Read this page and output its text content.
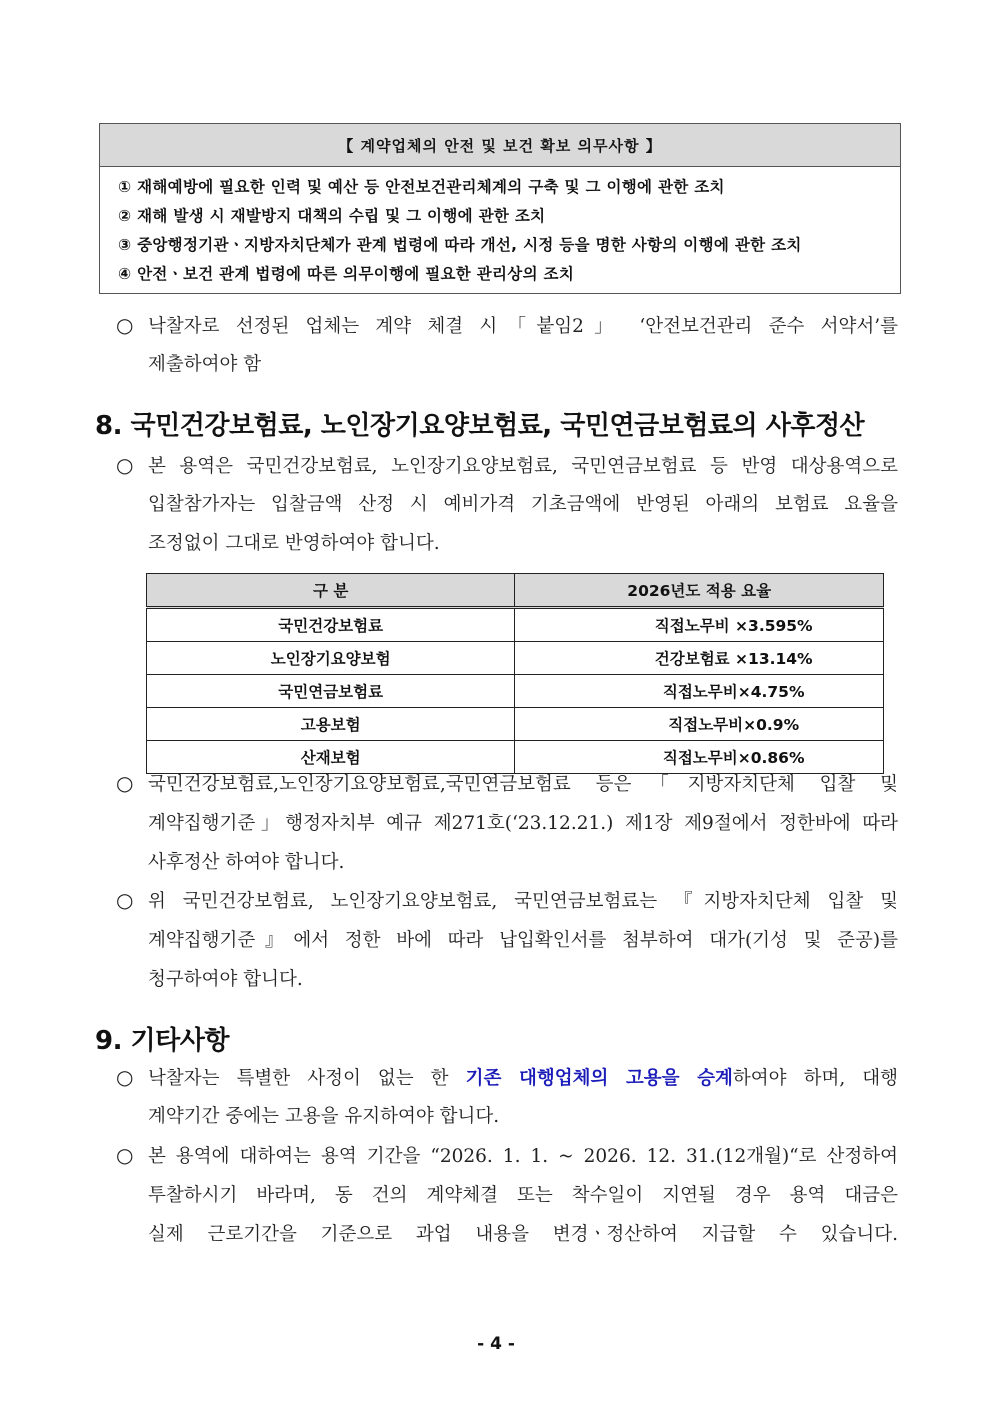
【 계약업체의 안전 및 보건 확보 의무사항 】
① 재해예방에 필요한 인력 및 예산 등 안전보건관리체계의 구축 및 그 이행에 관한 조치
② 재해 발생 시 재발방지 대책의 수립 및 그 이행에 관한 조치
③ 중앙행정기관ㆍ지방자치단체가 관계 법령에 따라 개선, 시정 등을 명한 사항의 이행에 관한 조치
④ 안전ㆍ보건 관계 법령에 따른 의무이행에 필요한 관리상의 조치
○ 낙찰자로 선정된 업체는 계약 체결 시「붙임2」 ‘안전보건관리 준수 서약서’를
제출하여야 함
8. 국민건강보험료, 노인장기요양보험료, 국민연금보험료의 사후정산
○ 본 용역은 국민건강보험료, 노인장기요양보험료, 국민연금보험료 등 반영 대상용역으로
입찰참가자는 입찰금액 산정 시 예비가격 기초금액에 반영된 아래의 보험료 요율을
조정없이 그대로 반영하여야 합니다.
구 분	2026년도 적용 요율
국민건강보험료	직접노무비 ×3.595%
노인장기요양보험	건강보험료 ×13.14%
국민연금보험료	직접노무비×4.75%
고용보험	직접노무비×0.9%
산재보험	직접노무비×0.86%
○ 국민건강보험료,노인장기요양보험료,국민연금보험료 등은「지방자치단체 입찰 및
계약집행기준」행정자치부 예규 제271호(‘23.12.21.) 제1장 제9절에서 정한바에 따라
사후정산 하여야 합니다.
○ 위 국민건강보험료, 노인장기요양보험료, 국민연금보험료는 『지방자치단체 입찰 및
계약집행기준』에서 정한 바에 따라 납입확인서를 첨부하여 대가(기성 및 준공)를
청구하여야 합니다.
9. 기타사항
○ 낙찰자는 특별한 사정이 없는 한 기존 대행업체의 고용을 승계하여야 하며, 대행
계약기간 중에는 고용을 유지하여야 합니다.
○ 본 용역에 대하여는 용역 기간을 “2026. 1. 1. ~ 2026. 12. 31.(12개월)“로 산정하여
투찰하시기 바라며, 동 건의 계약체결 또는 착수일이 지연될 경우 용역 대금은
실제 근로기간을 기준으로 과업 내용을 변경ㆍ정산하여 지급할 수 있습니다.
- 4 -
